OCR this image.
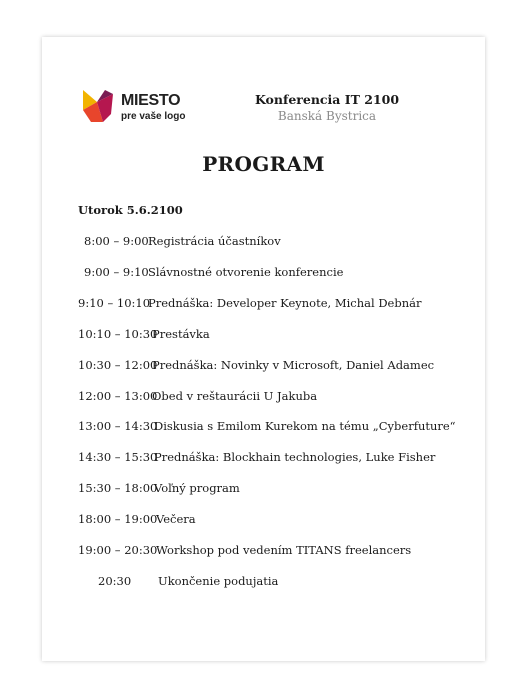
MIESTO
pre vaše logo
Konferencia IT 2100
Banská Bystrica
PROGRAM
Utorok 5.6.2100
8:00 – 9:00 Registrácia účastníkov
9:00 – 9:10 Slávnostné otvorenie konferencie
9:10 – 10:10
Prednáška: Developer Keynote, Michal Debnár
10:10 – 10:30
Prestávka
10:30 – 12:00
Prednáška: Novinky v Microsoft, Daniel Adamec
12:00 – 13:00
Obed v reštaurácii U Jakuba
13:00 – 14:30
Diskusia s Emilom Kurekom na tému „Cyberfuture“
14:30 – 15:30
Prednáška: Blockhain technologies, Luke Fisher
15:30 – 18:00
Voľný program
18:00 – 19:00
Večera
19:00 – 20:30
Workshop pod vedením TITANS freelancers
20:30 Ukončenie podujatia
